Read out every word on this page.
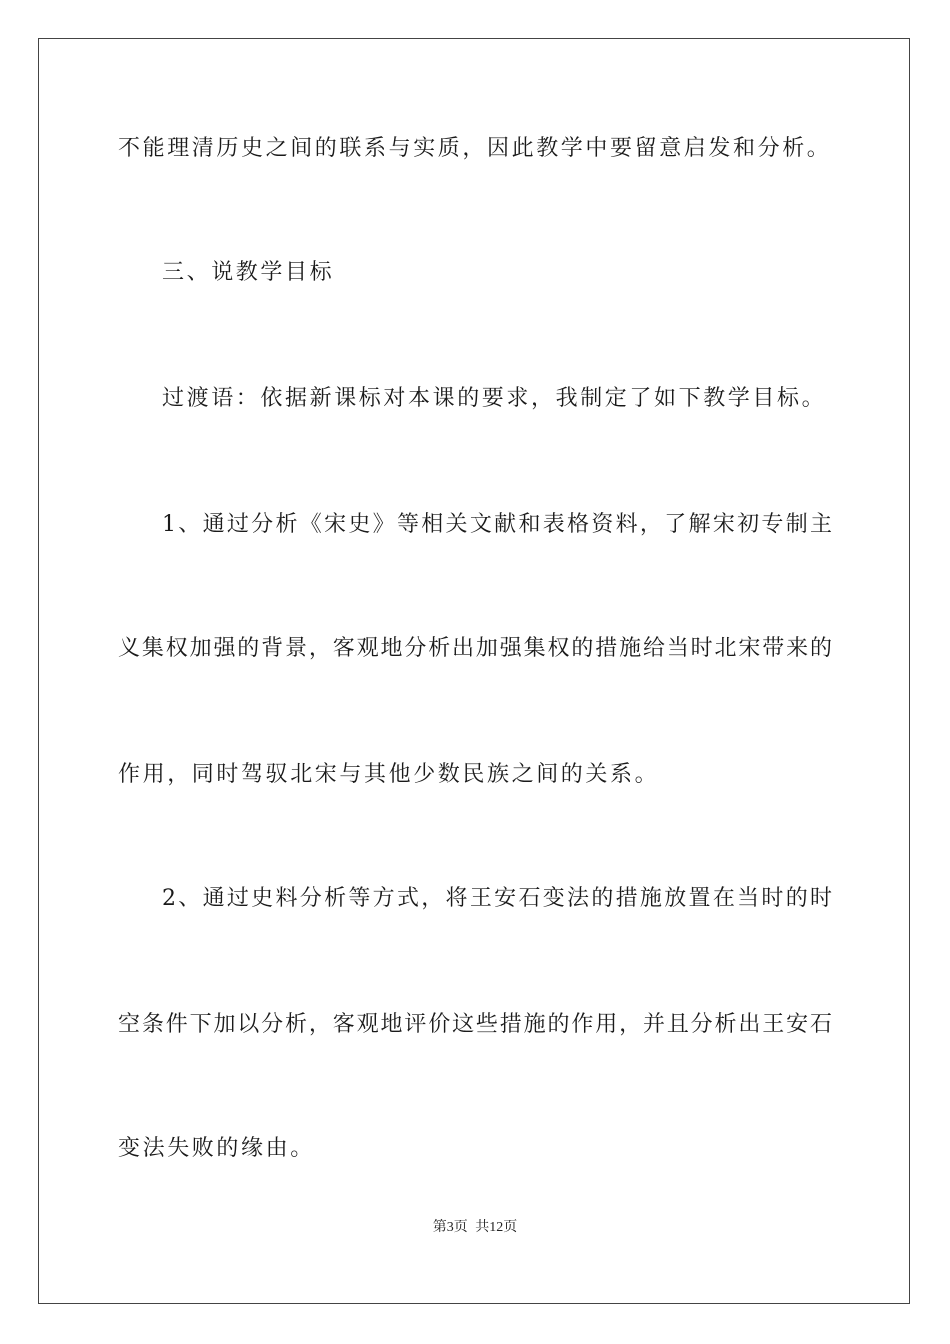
不能理清历史之间的联系与实质，因此教学中要留意启发和分析。
三、说教学目标
过渡语：依据新课标对本课的要求，我制定了如下教学目标。
1、通过分析《宋史》等相关文献和表格资料，了解宋初专制主
义集权加强的背景，客观地分析出加强集权的措施给当时北宋带来的
作用，同时驾驭北宋与其他少数民族之间的关系。
2、通过史料分析等方式，将王安石变法的措施放置在当时的时
空条件下加以分析，客观地评价这些措施的作用，并且分析出王安石
变法失败的缘由。
第3页 共12页
